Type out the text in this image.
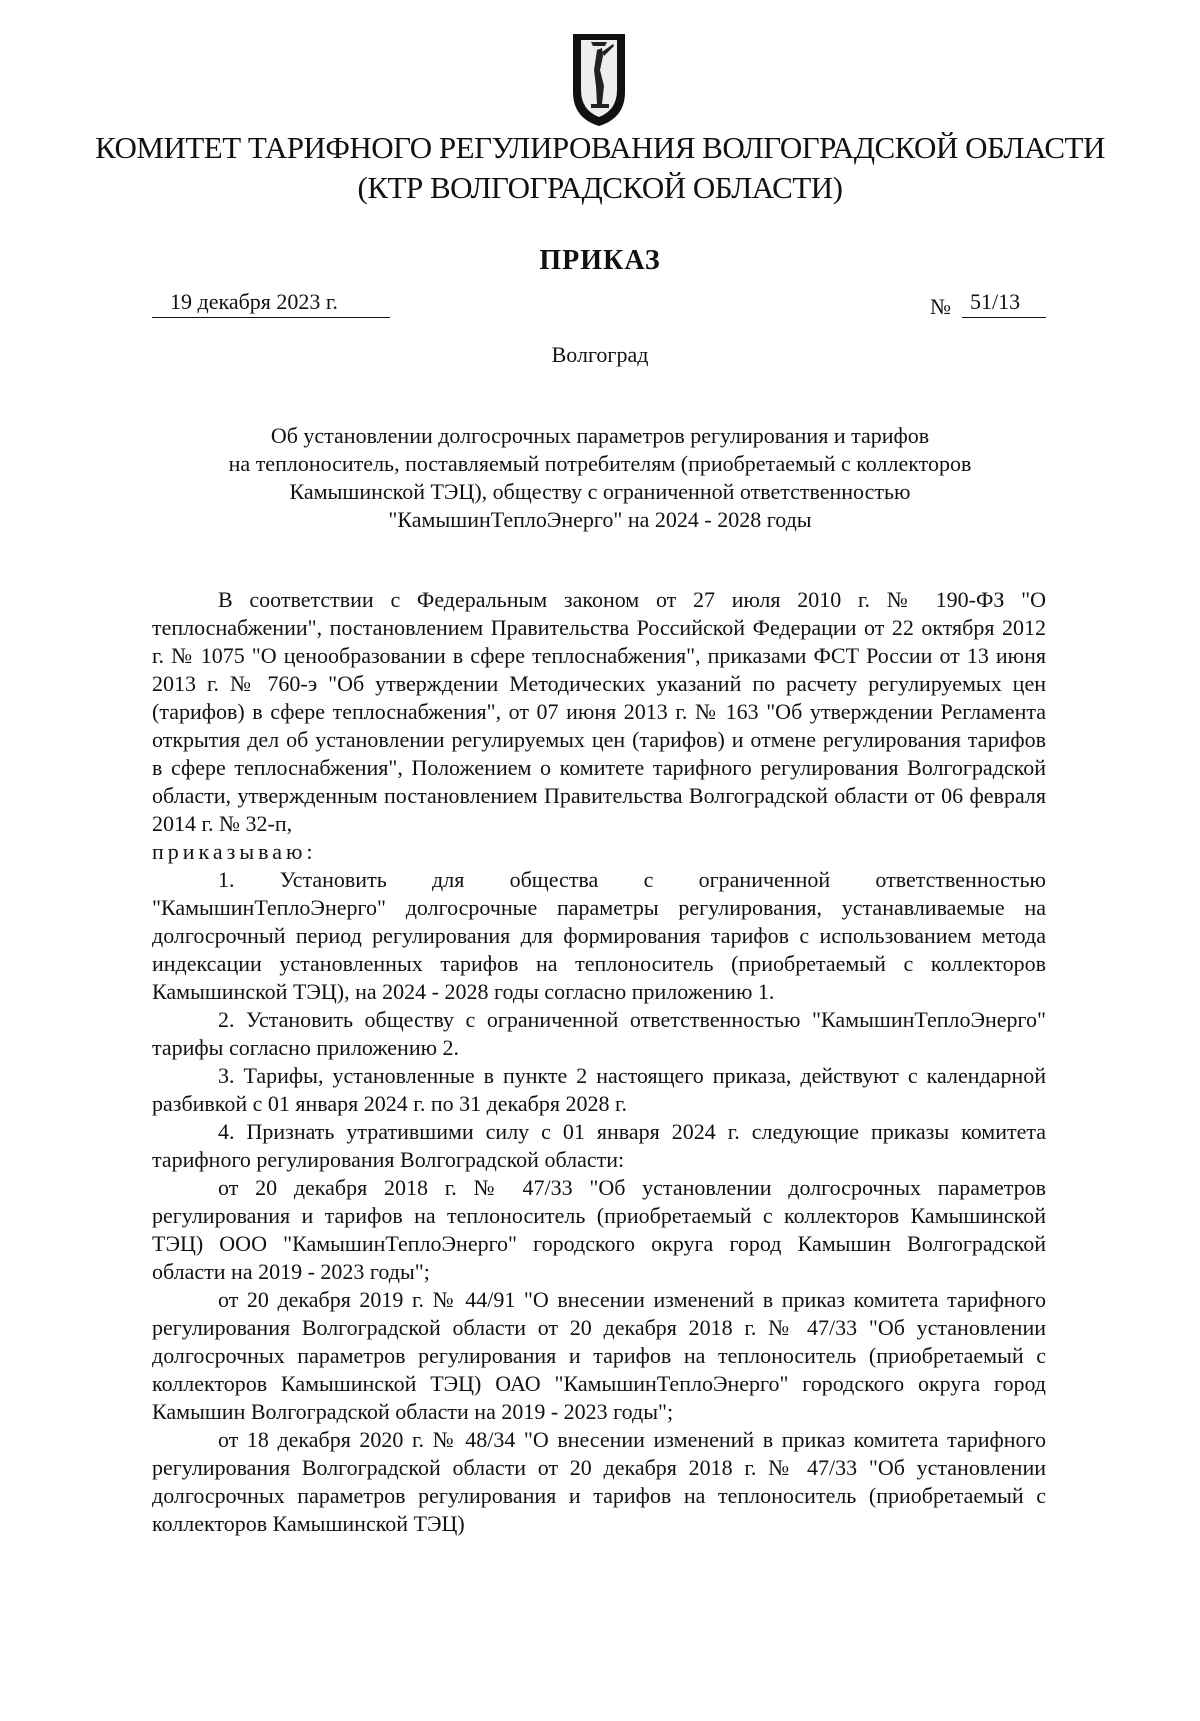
КОМИТЕТ ТАРИФНОГО РЕГУЛИРОВАНИЯ ВОЛГОГРАДСКОЙ ОБЛАСТИ
(КТР ВОЛГОГРАДСКОЙ ОБЛАСТИ)
ПРИКАЗ
19 декабря 2023 г.	№ 51/13
Волгоград
Об установлении долгосрочных параметров регулирования и тарифов
на теплоноситель, поставляемый потребителям (приобретаемый с коллекторов
Камышинской ТЭЦ), обществу с ограниченной ответственностью
"КамышинТеплоЭнерго" на 2024 - 2028 годы

В соответствии с Федеральным законом от 27 июля 2010 г. № 190-ФЗ "О теплоснабжении", постановлением Правительства Российской Федерации от 22 октября 2012 г. № 1075 "О ценообразовании в сфере теплоснабжения", приказами ФСТ России от 13 июня 2013 г. № 760-э "Об утверждении Методических указаний по расчету регулируемых цен (тарифов) в сфере теплоснабжения", от 07 июня 2013 г. № 163 "Об утверждении Регламента открытия дел об установлении регулируемых цен (тарифов) и отмене регулирования тарифов в сфере теплоснабжения", Положением о комитете тарифного регулирования Волгоградской области, утвержденным постановлением Правительства Волгоградской области от 06 февраля 2014 г. № 32-п,

приказываю:

1. Установить для общества с ограниченной ответственностью "КамышинТеплоЭнерго" долгосрочные параметры регулирования, устанавливаемые на долгосрочный период регулирования для формирования тарифов с использованием метода индексации установленных тарифов на теплоноситель (приобретаемый с коллекторов Камышинской ТЭЦ), на 2024 - 2028 годы согласно приложению 1.

2. Установить обществу с ограниченной ответственностью "КамышинТеплоЭнерго" тарифы согласно приложению 2.

3. Тарифы, установленные в пункте 2 настоящего приказа, действуют с календарной разбивкой с 01 января 2024 г. по 31 декабря 2028 г.

4. Признать утратившими силу с 01 января 2024 г. следующие приказы комитета тарифного регулирования Волгоградской области:

от 20 декабря 2018 г. № 47/33 "Об установлении долгосрочных параметров регулирования и тарифов на теплоноситель (приобретаемый с коллекторов Камышинской ТЭЦ) ООО "КамышинТеплоЭнерго" городского округа город Камышин Волгоградской области на 2019 - 2023 годы";

от 20 декабря 2019 г. № 44/91 "О внесении изменений в приказ комитета тарифного регулирования Волгоградской области от 20 декабря 2018 г. № 47/33 "Об установлении долгосрочных параметров регулирования и тарифов на теплоноситель (приобретаемый с коллекторов Камышинской ТЭЦ) ОАО "КамышинТеплоЭнерго" городского округа город Камышин Волгоградской области на 2019 - 2023 годы";

от 18 декабря 2020 г. № 48/34 "О внесении изменений в приказ комитета тарифного регулирования Волгоградской области от 20 декабря 2018 г. № 47/33 "Об установлении долгосрочных параметров регулирования и тарифов на теплоноситель (приобретаемый с коллекторов Камышинской ТЭЦ)
